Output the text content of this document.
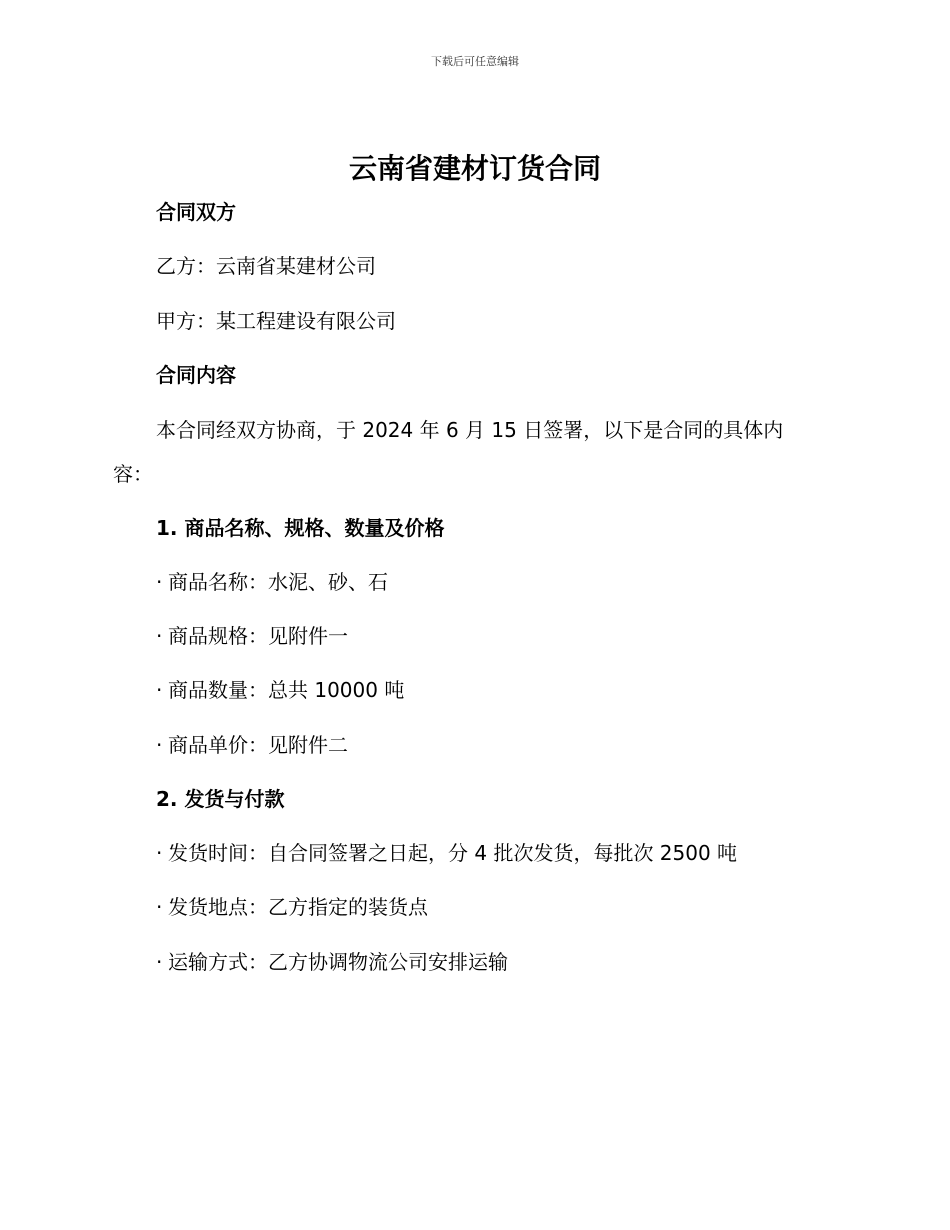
下载后可任意编辑
云南省建材订货合同

合同双方

乙方：云南省某建材公司

甲方：某工程建设有限公司

合同内容

本合同经双方协商，于 2024 年 6 月 15 日签署，以下是合同的具体内

容：

1. 商品名称、规格、数量及价格

· 商品名称：水泥、砂、石

· 商品规格：见附件一

· 商品数量：总共 10000 吨

· 商品单价：见附件二

2. 发货与付款

· 发货时间：自合同签署之日起，分 4 批次发货，每批次 2500 吨

· 发货地点：乙方指定的装货点

· 运输方式：乙方协调物流公司安排运输
